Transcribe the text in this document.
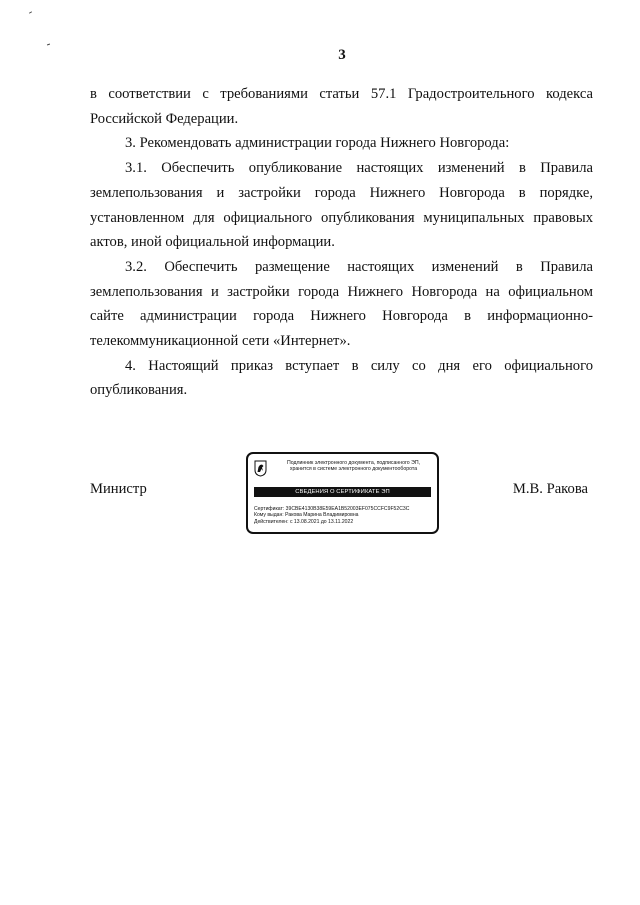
3

в соответствии с требованиями статьи 57.1 Градостроительного кодекса Российской Федерации.

3. Рекомендовать администрации города Нижнего Новгорода:

3.1. Обеспечить опубликование настоящих изменений в Правила землепользования и застройки города Нижнего Новгорода в порядке, установленном для официального опубликования муниципальных правовых актов, иной официальной информации.

3.2. Обеспечить размещение настоящих изменений в Правила землепользования и застройки города Нижнего Новгорода на официальном сайте администрации города Нижнего Новгорода в информационно-телекоммуникационной сети «Интернет».

4. Настоящий приказ вступает в силу со дня его официального опубликования.

Министр	М.В. Ракова
Подлинник электронного документа, подписанного ЭП,
хранится в системе электронного документооборота
СВЕДЕНИЯ О СЕРТИФИКАТЕ ЭП
Сертификат: 39CBE4130B38E59EA1B52003EF075CCFC9F52C3C
Кому выдан: Ракова Марина Владимировна
Действителен: с 13.08.2021 до 13.11.2022
